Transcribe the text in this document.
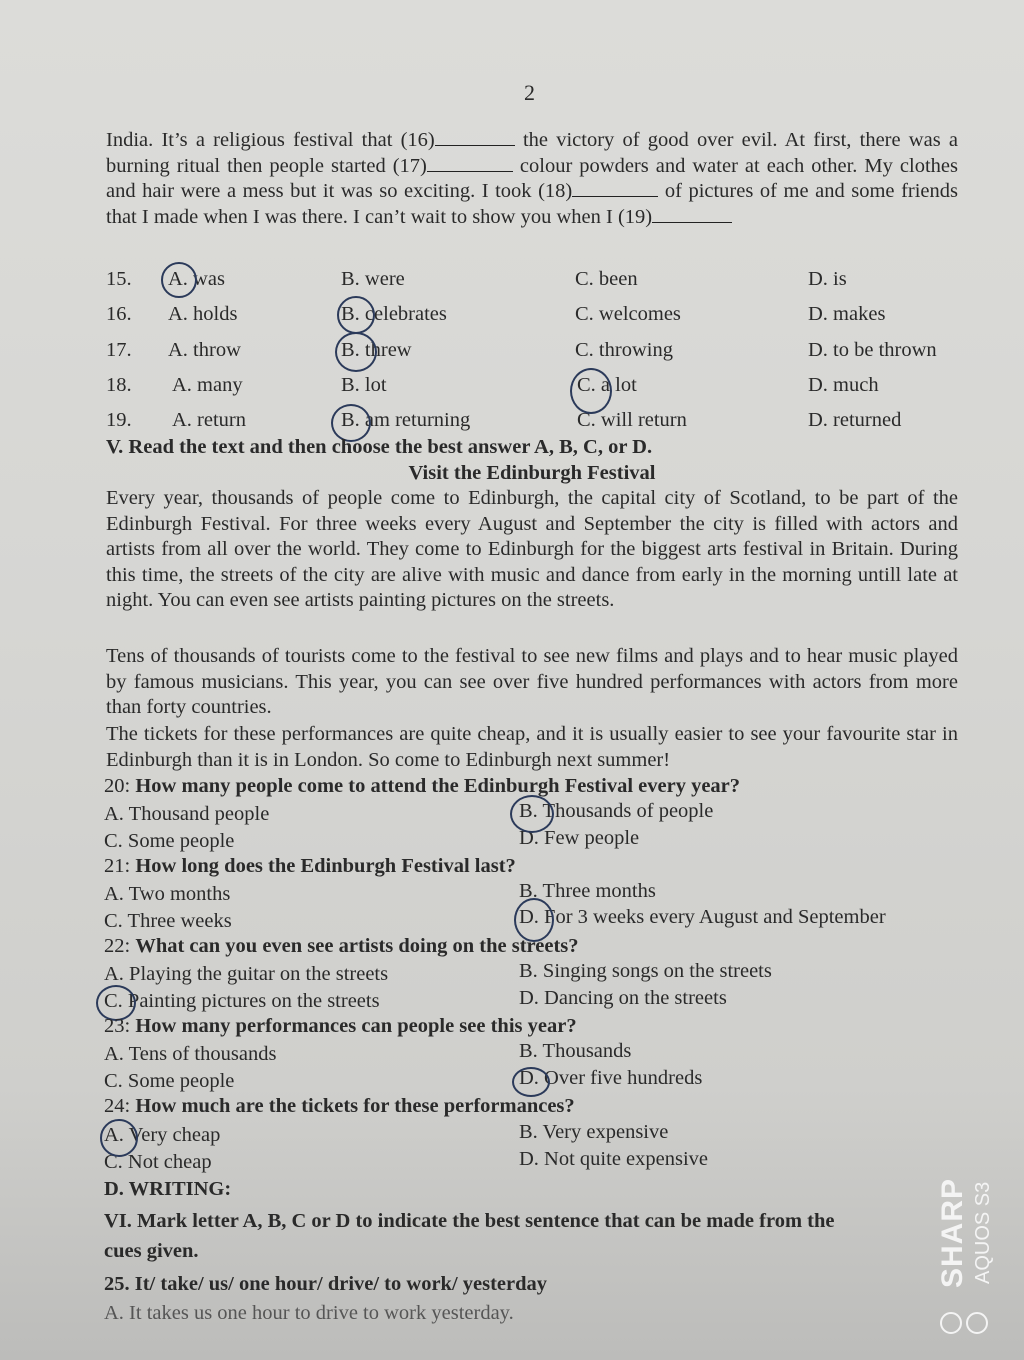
2

India. It’s a religious festival that (16)	the victory of good over evil. At first, there was a burning ritual then people started (17)	colour powders and water at each other. My clothes and hair were a mess but it was so exciting. I took (18)	of pictures of me and some friends that I made when I was there. I can’t wait to show you when I (19)

15. A. was	B. were	C. been	D. is
16. A. holds	B. celebrates	C. welcomes	D. makes
17. A. throw	B. threw	C. throwing	D. to be thrown
18. A. many	B. lot	C. a lot	D. much
19. A. return	B. am returning	C. will return	D. returned
V. Read the text and then choose the best answer A, B, C, or D.
Visit the Edinburgh Festival

Every year, thousands of people come to Edinburgh, the capital city of Scotland, to be part of the Edinburgh Festival. For three weeks every August and September the city is filled with actors and artists from all over the world. They come to Edinburgh for the biggest arts festival in Britain. During this time, the streets of the city are alive with music and dance from early in the morning untill late at night. You can even see artists painting pictures on the streets.

Tens of thousands of tourists come to the festival to see new films and plays and to hear music played by famous musicians. This year, you can see over five hundred performances with actors from more than forty countries.

The tickets for these performances are quite cheap, and it is usually easier to see your favourite star in Edinburgh than it is in London. So come to Edinburgh next summer!

20: How many people come to attend the Edinburgh Festival every year?
A. Thousand people	B. Thousands of people
C. Some people	D. Few people
21: How long does the Edinburgh Festival last?
A. Two months	B. Three months
C. Three weeks	D. For 3 weeks every August and September
22: What can you even see artists doing on the streets?
A. Playing the guitar on the streets	B. Singing songs on the streets
C. Painting pictures on the streets	D. Dancing on the streets
23: How many performances can people see this year?
A. Tens of thousands	B. Thousands
C. Some people	D. Over five hundreds
24: How much are the tickets for these performances?
A. Very cheap	B. Very expensive
C. Not cheap	D. Not quite expensive
D. WRITING:
VI. Mark letter A, B, C or D to indicate the best sentence that can be made from the
cues given.
25. It/ take/ us/ one hour/ drive/ to work/ yesterday
A. It takes us one hour to drive to work yesterday.
SHARP AQUOS S3
